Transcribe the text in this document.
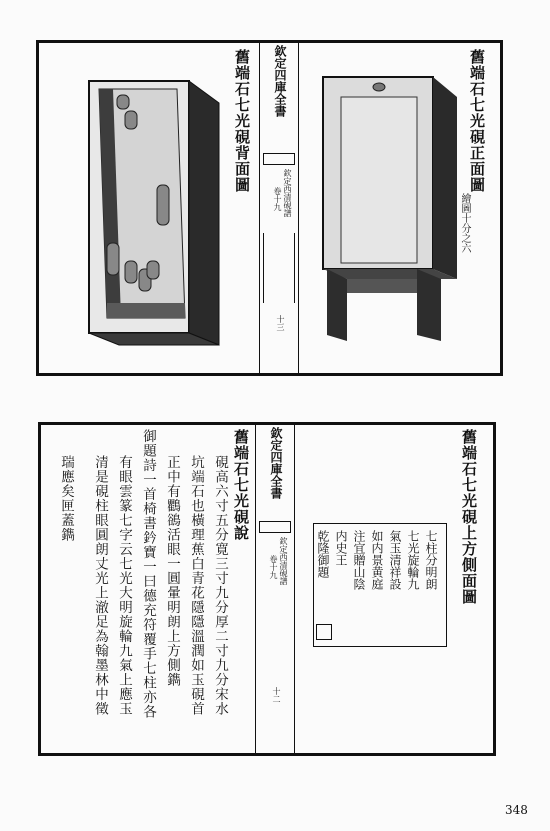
舊端石七光硯背面圖 欽定四庫全書
欽定西清硯譜
卷十九
十三
舊端石七光硯正面圖
繪圖十分之六
舊端石七光硯上方側面圖
七柱分明朗
七光旋輪九
氣玉清祥設
如内景黄庭
注宜贈山陰
内史王
乾隆御題
欽定四庫全書
欽定西清硯譜
卷十九
十二
舊端石七光硯說
硯高六寸五分寛三寸九分厚二寸九分宋水
坑端石也橫理蕉白青花隱隱溫潤如玉硯首
正中有鸜鵒活眼一圓暈明朗上方側鐫
御題詩一首椅書鈐寶一曰德充符覆手七柱亦各
有眼雲篆七字云七光大明旋輪九氣上應玉
清是硯柱眼圓朗丈光上澈足為翰墨林中徵
瑞應矣匣蓋鐫
348
